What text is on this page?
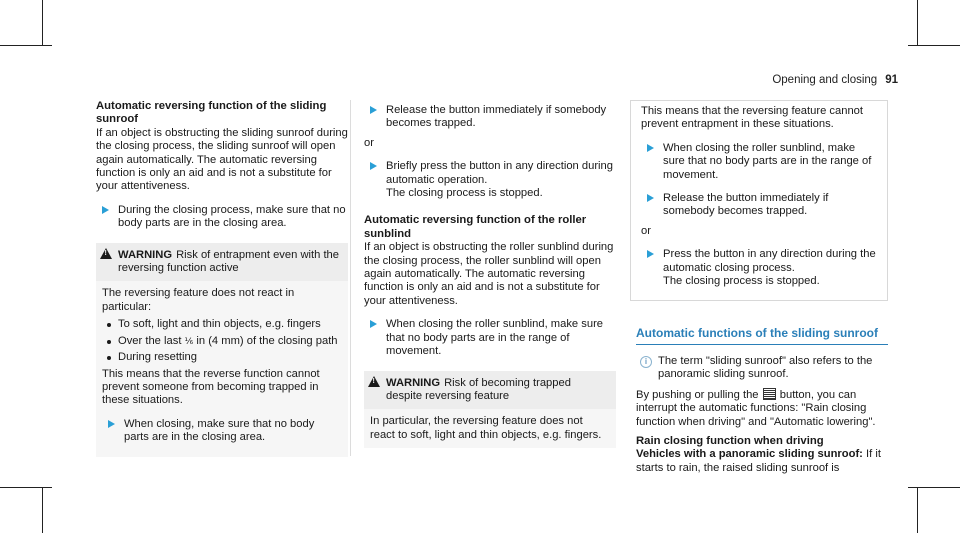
Opening and closing 91
Automatic reversing function of the sliding sunroof

If an object is obstructing the sliding sunroof during the closing process, the sliding sunroof will open again automatically. The automatic reversing function is only an aid and is not a substitute for your attentiveness.

During the closing process, make sure that no body parts are in the closing area.
! WARNING Risk of entrapment even with the reversing function active

The reversing feature does not react in particular:

To soft, light and thin objects, e.g. fingers
Over the last ⅙ in (4 mm) of the closing path
During resetting

This means that the reverse function cannot prevent someone from becoming trapped in these situations.

When closing, make sure that no body parts are in the closing area.
Release the button immediately if somebody becomes trapped.
or
Briefly press the button in any direction during automatic operation.
The closing process is stopped.
Automatic reversing function of the roller sunblind

If an object is obstructing the roller sunblind during the closing process, the roller sunblind will open again automatically. The automatic reversing function is only an aid and is not a substitute for your attentiveness.

When closing the roller sunblind, make sure that no body parts are in the range of movement.
! WARNING Risk of becoming trapped despite reversing feature
In particular, the reversing feature does not react to soft, light and thin objects, e.g. fingers.

This means that the reversing feature cannot prevent entrapment in these situations.

When closing the roller sunblind, make sure that no body parts are in the range of movement.
Release the button immediately if somebody becomes trapped.
or
Press the button in any direction during the automatic closing process.
The closing process is stopped.
Automatic functions of the sliding sunroof
i The term "sliding sunroof" also refers to the panoramic sliding sunroof.

By pushing or pulling the button, you can interrupt the automatic functions: "Rain closing function when driving" and "Automatic lowering".

Rain closing function when driving

Vehicles with a panoramic sliding sunroof: If it starts to rain, the raised sliding sunroof is
